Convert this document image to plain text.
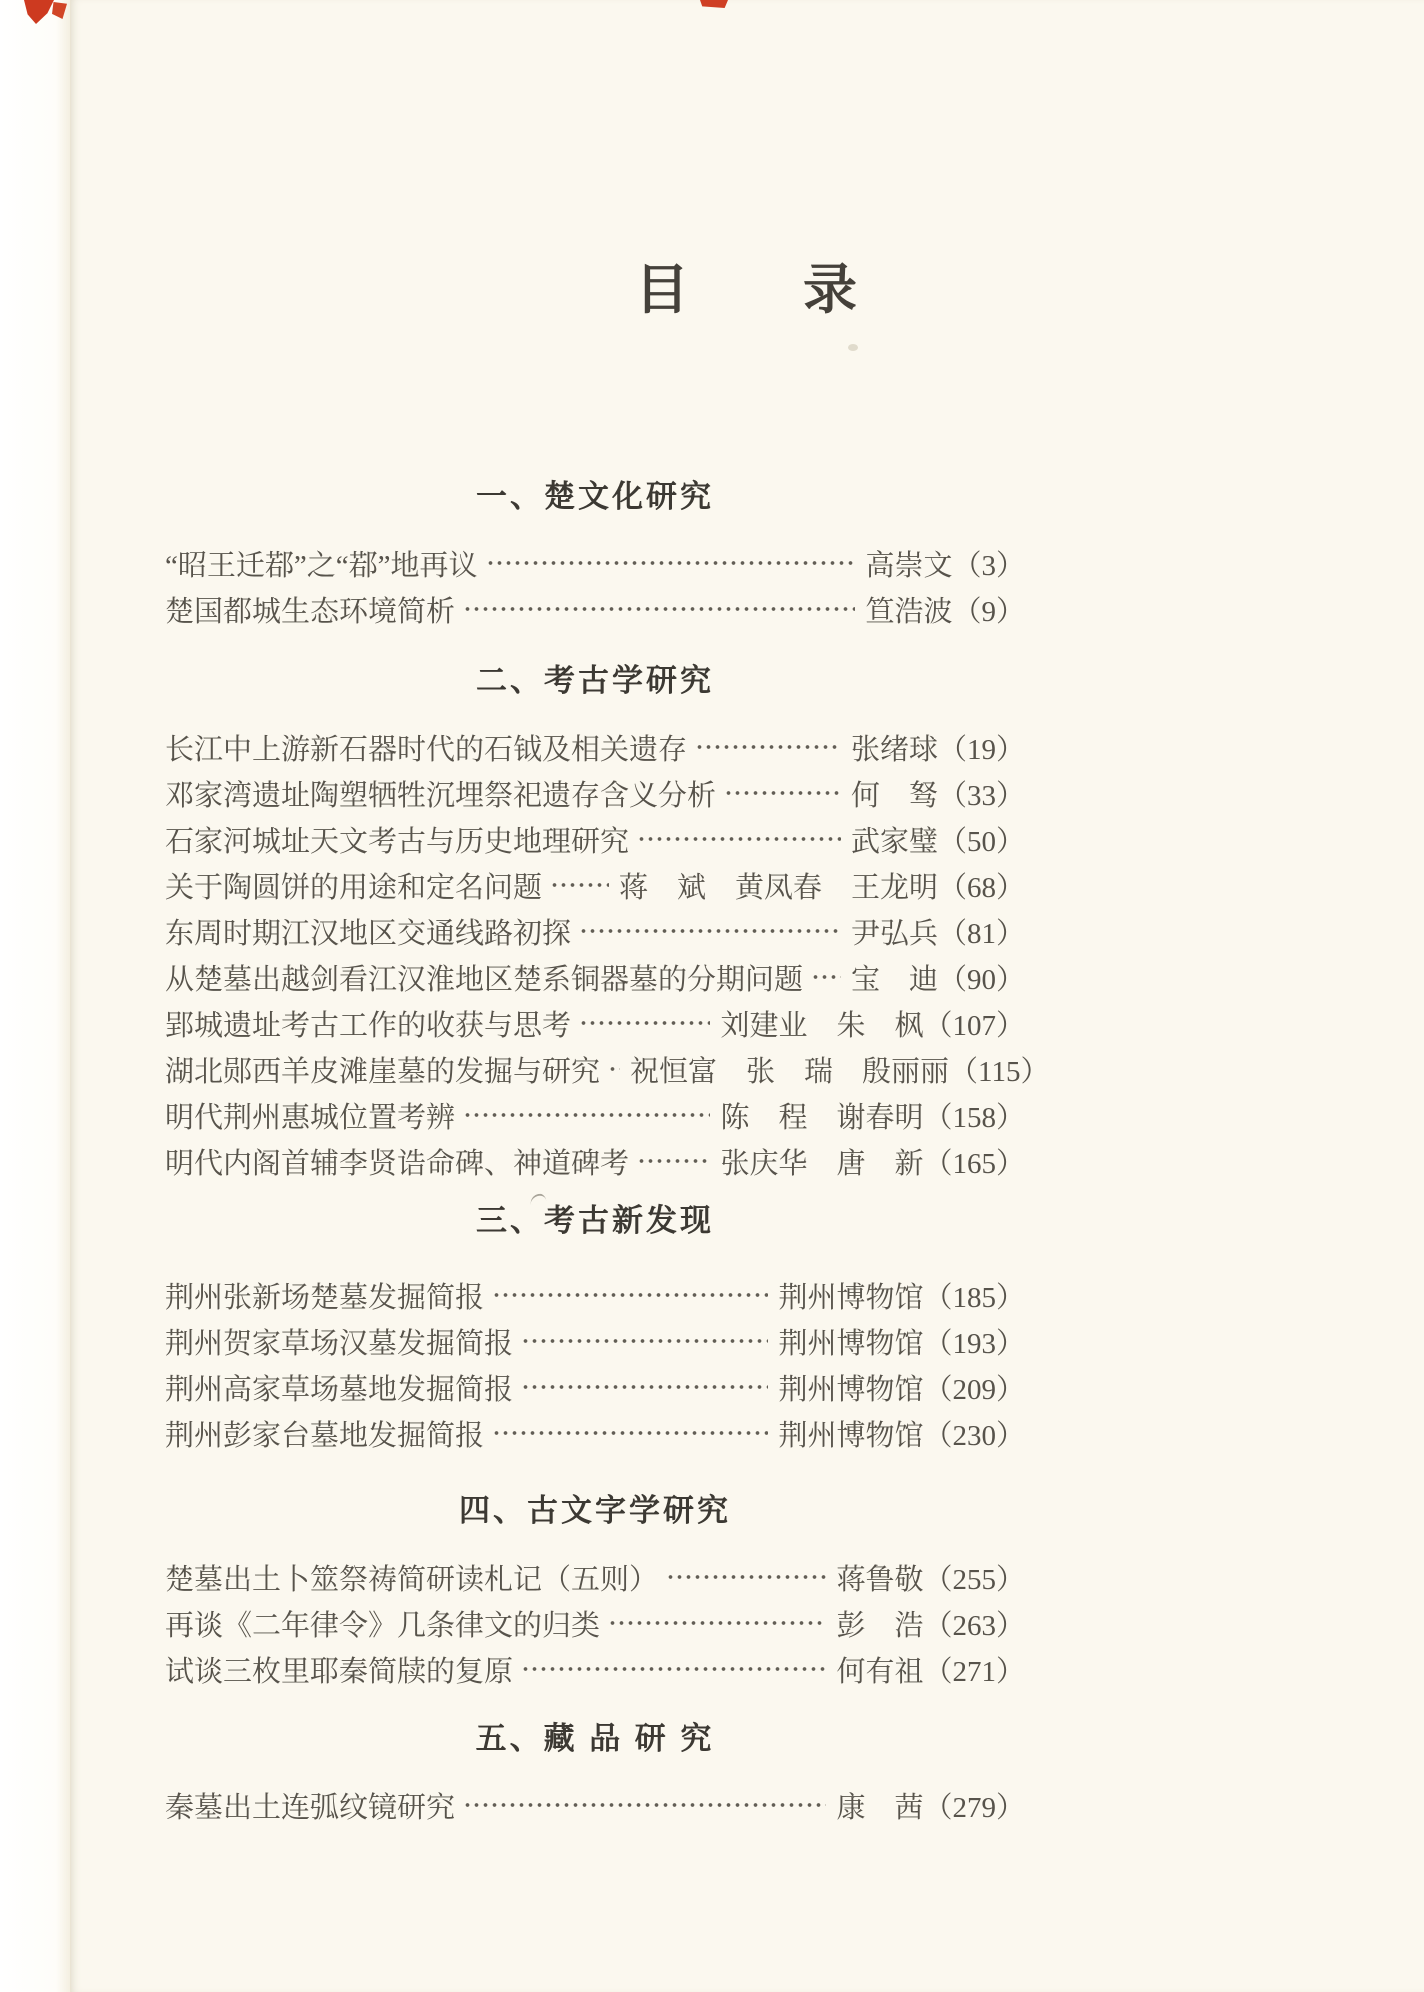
目　　录
一、楚文化研究
“昭王迁鄀”之“鄀”地再议	高崇文 （3）
楚国都城生态环境简析	笪浩波 （9）
二、考古学研究
长江中上游新石器时代的石钺及相关遗存	张绪球 （19）
邓家湾遗址陶塑牺牲沉埋祭祀遗存含义分析	何　驽 （33）
石家河城址天文考古与历史地理研究	武家璧 （50）
关于陶圆饼的用途和定名问题	蒋　斌　黄凤春　王龙明 （68）
东周时期江汉地区交通线路初探	尹弘兵 （81）
从楚墓出越剑看江汉淮地区楚系铜器墓的分期问题 宝　迪 （90）
郢城遗址考古工作的收获与思考	刘建业　朱　枫 （107）
湖北郧西羊皮滩崖墓的发掘与研究 祝恒富　张　瑞　殷丽丽 （115）
明代荆州惠城位置考辨	陈　程　谢春明 （158）
明代内阁首辅李贤诰命碑、神道碑考	张庆华　唐　新 （165）
三、考古新发现
荆州张新场楚墓发掘简报	荆州博物馆 （185）
荆州贺家草场汉墓发掘简报	荆州博物馆 （193）
荆州高家草场墓地发掘简报	荆州博物馆 （209）
荆州彭家台墓地发掘简报	荆州博物馆 （230）
四、古文字学研究
楚墓出土卜筮祭祷简研读札记（五则）	蒋鲁敬 （255）
再谈《二年律令》几条律文的归类	彭　浩 （263）
试谈三枚里耶秦简牍的复原	何有祖 （271）
五、藏 品 研 究
秦墓出土连弧纹镜研究	康　茜 （279）
